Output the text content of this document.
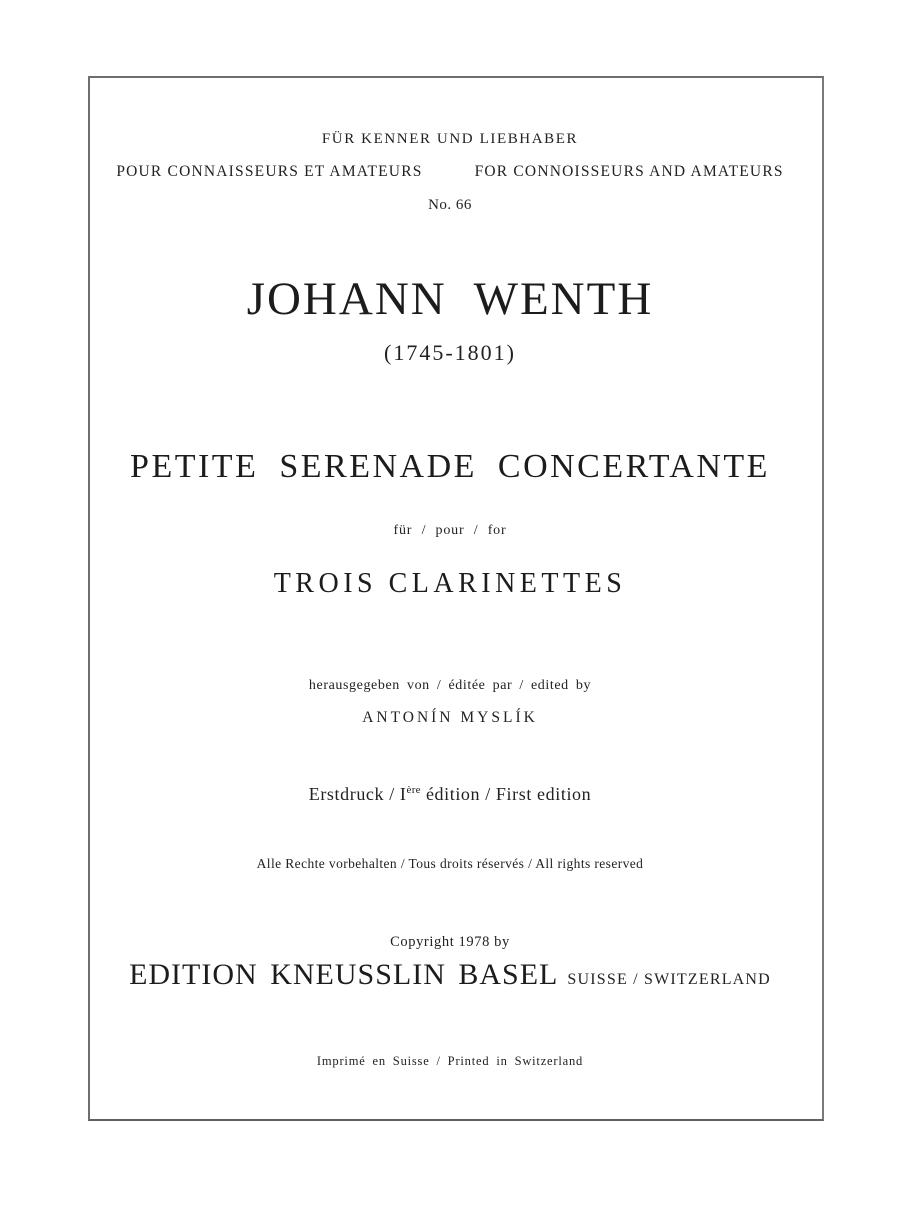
FÜR KENNER UND LIEBHABER
POUR CONNAISSEURS ET AMATEURS	FOR CONNOISSEURS AND AMATEURS
No. 66
JOHANN WENTH
(1745-1801)
PETITE SERENADE CONCERTANTE
für / pour / for
TROIS CLARINETTES
herausgegeben von / éditée par / edited by
ANTONÍN MYSLÍK
Erstdruck / Ière édition / First edition
Alle Rechte vorbehalten / Tous droits réservés / All rights reserved
Copyright 1978 by
EDITION KNEUSSLIN BASEL SUISSE / SWITZERLAND
Imprimé en Suisse / Printed in Switzerland
